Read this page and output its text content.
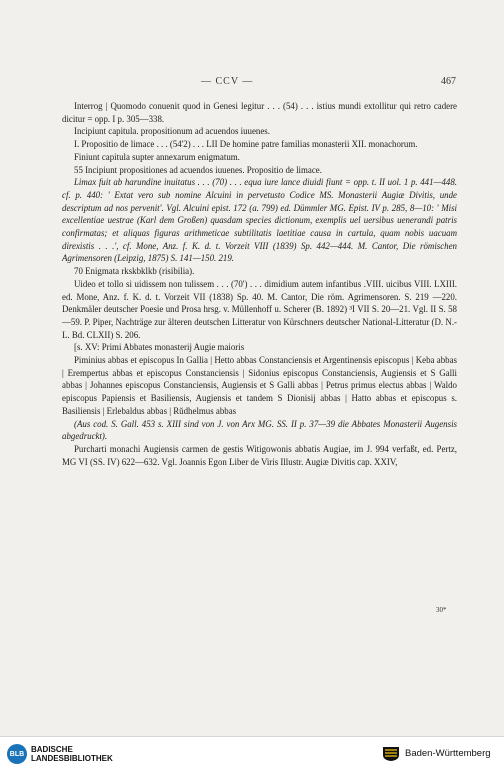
— CCV —	467

Interrog | Quomodo conuenit quod in Genesi legitur . . . (54) . . . istius mundi extollitur qui retro cadere dicitur = opp. I p. 305—338.

Incipiunt capitula. propositionum ad acuendos iuuenes.

I. Propositio de limace . . . (54'2) . . . LII De homine patre familias monasterii XII. monachorum.

Finiunt capitula supter annexarum enigmatum.

55 Incipiunt propositiones ad acuendos iuuenes. Propositio de limace.

Limax fuit ab harundine inuitatus . . . (70) . . . equa iure lance diuidi fiunt = opp. t. II uol. 1 p. 441—448. cf. p. 440: ' Extat vero sub nomine Alcuini in pervetusto Codice MS. Monasterii Augiæ Divitis, unde descriptum ad nos pervenit'. Vgl. Alcuini epist. 172 (a. 799) ed. Dümmler MG. Epist. IV p. 285, 8—10: ' Misi excellentiae uestrae (Karl dem Großen) quasdam species dictionum, exemplis uel uersibus uenerandi patris confirmatas; et aliquas figuras arithmeticae subtilitatis laetitiae causa in cartula, quam nobis uacuam direxistis . . .', cf. Mone, Anz. f. K. d. t. Vorzeit VIII (1839) Sp. 442—444. M. Cantor, Die römischen Agrimensoren (Leipzig, 1875) S. 141—150. 219.

70 Enigmata rkskbklkb (risibilia).

Uideo et tollo si uidissem non tulissem . . . (70') . . . dimidium autem infantibus .VIII. uicibus VIII. LXIII. ed. Mone, Anz. f. K. d. t. Vorzeit VII (1838) Sp. 40. M. Cantor, Die röm. Agrimensoren. S. 219 —220. Denkmäler deutscher Poesie und Prosa hrsg. v. Müllenhoff u. Scherer (B. 1892) ³I VII S. 20—21. Vgl. II S. 58—59. P. Piper, Nachträge zur älteren deutschen Litteratur von Kürschners deutscher National-Litteratur (D. N.-L. Bd. CLXII) S. 206.

[s. XV: Primi Abbates monasterij Augie maioris

Piminius abbas et episcopus In Gallia | Hetto abbas Constanciensis et Argentinensis episcopus | Keba abbas | Erempertus abbas et episcopus Constanciensis | Sidonius episcopus Constanciensis, Augiensis et S Galli abbas | Johannes episcopus Constanciensis, Augiensis et S Galli abbas | Petrus primus electus abbas | Waldo episcopus Papiensis et Basiliensis, Augiensis et tandem S Dionisij abbas | Hatto abbas et episcopus s. Basiliensis | Erlebaldus abbas | Rŭdhelmus abbas

(Aus cod. S. Gall. 453 s. XIII sind von J. von Arx MG. SS. II p. 37—39 die Abbates Monasterii Augensis abgedruckt).

Purcharti monachi Augiensis carmen de gestis Witigowonis abbatis Augiae, im J. 994 verfaßt, ed. Pertz, MG VI (SS. IV) 622—632. Vgl. Joannis Egon Liber de Viris Illustr. Augiæ Divitis cap. XXIV,

30*
BLB BADISCHE
LANDESBIBLIOTHEK	Baden-Württemberg
